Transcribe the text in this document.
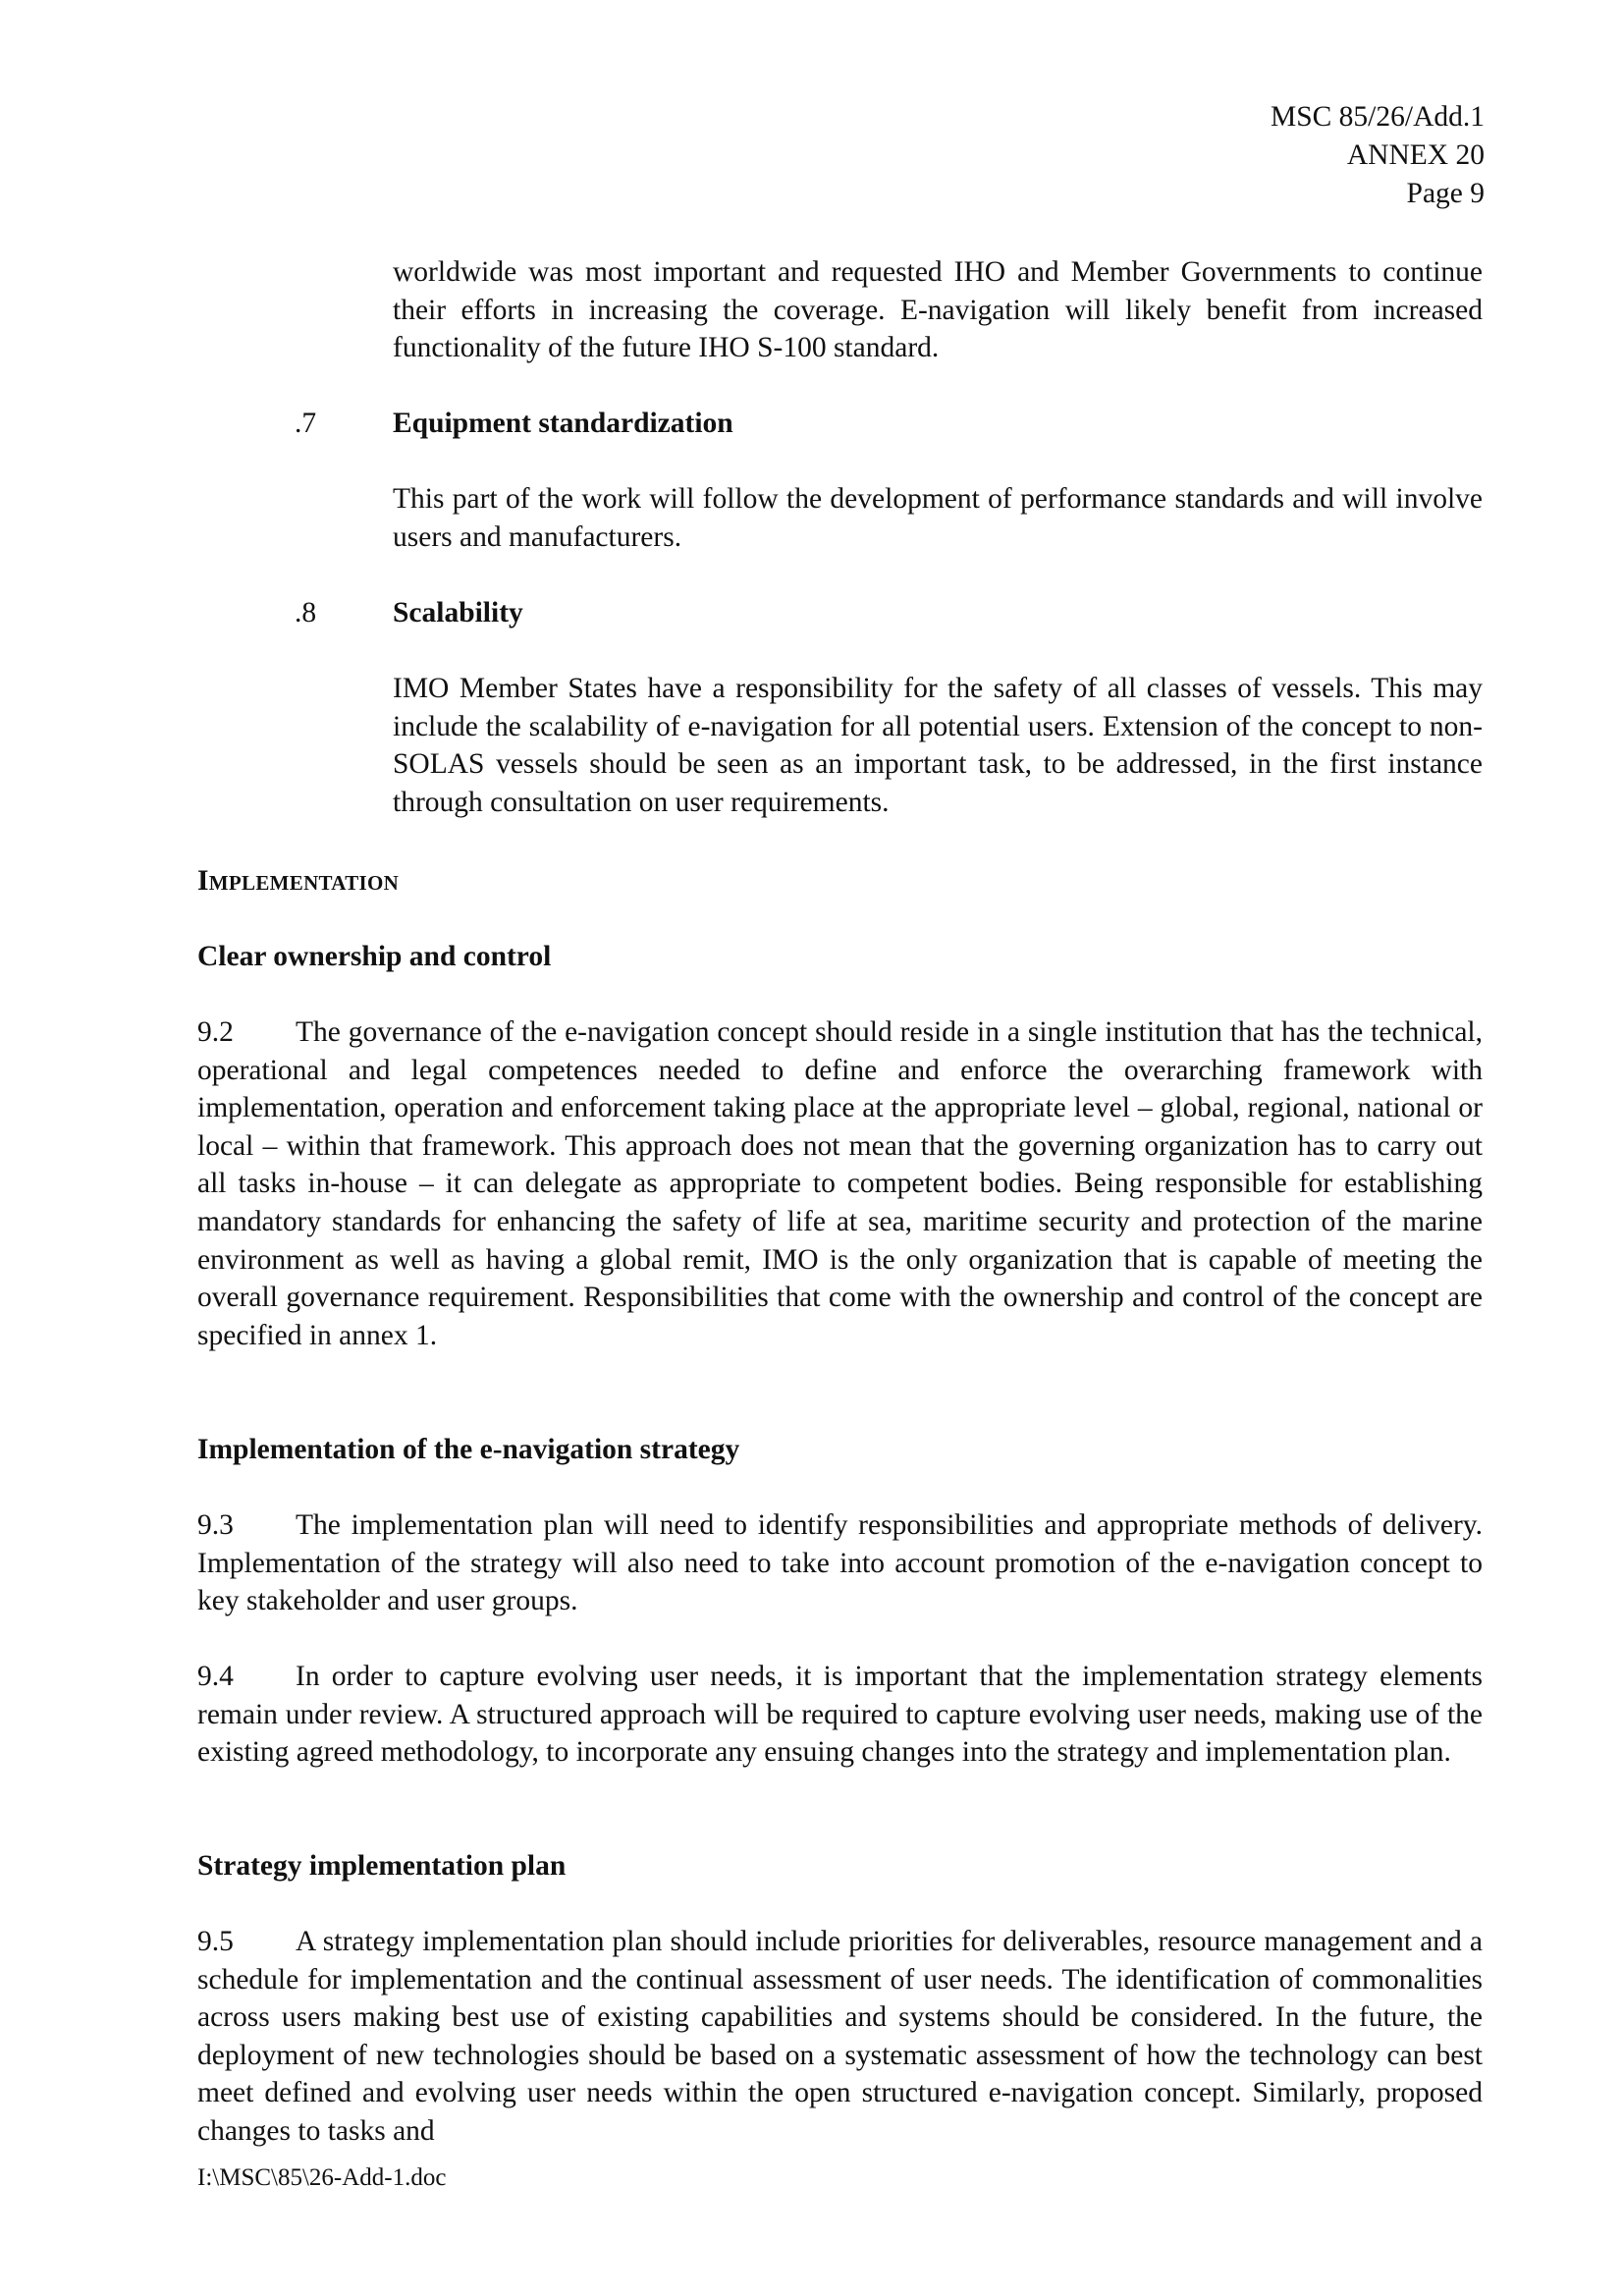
MSC 85/26/Add.1
ANNEX 20
Page 9
worldwide was most important and requested IHO and Member Governments to continue their efforts in increasing the coverage. E-navigation will likely benefit from increased functionality of the future IHO S-100 standard.
.7	Equipment standardization
This part of the work will follow the development of performance standards and will involve users and manufacturers.
.8	Scalability
IMO Member States have a responsibility for the safety of all classes of vessels. This may include the scalability of e-navigation for all potential users. Extension of the concept to non-SOLAS vessels should be seen as an important task, to be addressed, in the first instance through consultation on user requirements.
Implementation
Clear ownership and control
9.2 The governance of the e-navigation concept should reside in a single institution that has the technical, operational and legal competences needed to define and enforce the overarching framework with implementation, operation and enforcement taking place at the appropriate level – global, regional, national or local – within that framework. This approach does not mean that the governing organization has to carry out all tasks in-house – it can delegate as appropriate to competent bodies. Being responsible for establishing mandatory standards for enhancing the safety of life at sea, maritime security and protection of the marine environment as well as having a global remit, IMO is the only organization that is capable of meeting the overall governance requirement. Responsibilities that come with the ownership and control of the concept are specified in annex 1.
Implementation of the e-navigation strategy
9.3 The implementation plan will need to identify responsibilities and appropriate methods of delivery. Implementation of the strategy will also need to take into account promotion of the e-navigation concept to key stakeholder and user groups.
9.4 In order to capture evolving user needs, it is important that the implementation strategy elements remain under review. A structured approach will be required to capture evolving user needs, making use of the existing agreed methodology, to incorporate any ensuing changes into the strategy and implementation plan.
Strategy implementation plan
9.5 A strategy implementation plan should include priorities for deliverables, resource management and a schedule for implementation and the continual assessment of user needs. The identification of commonalities across users making best use of existing capabilities and systems should be considered. In the future, the deployment of new technologies should be based on a systematic assessment of how the technology can best meet defined and evolving user needs within the open structured e-navigation concept. Similarly, proposed changes to tasks and
I:\MSC\85\26-Add-1.doc
